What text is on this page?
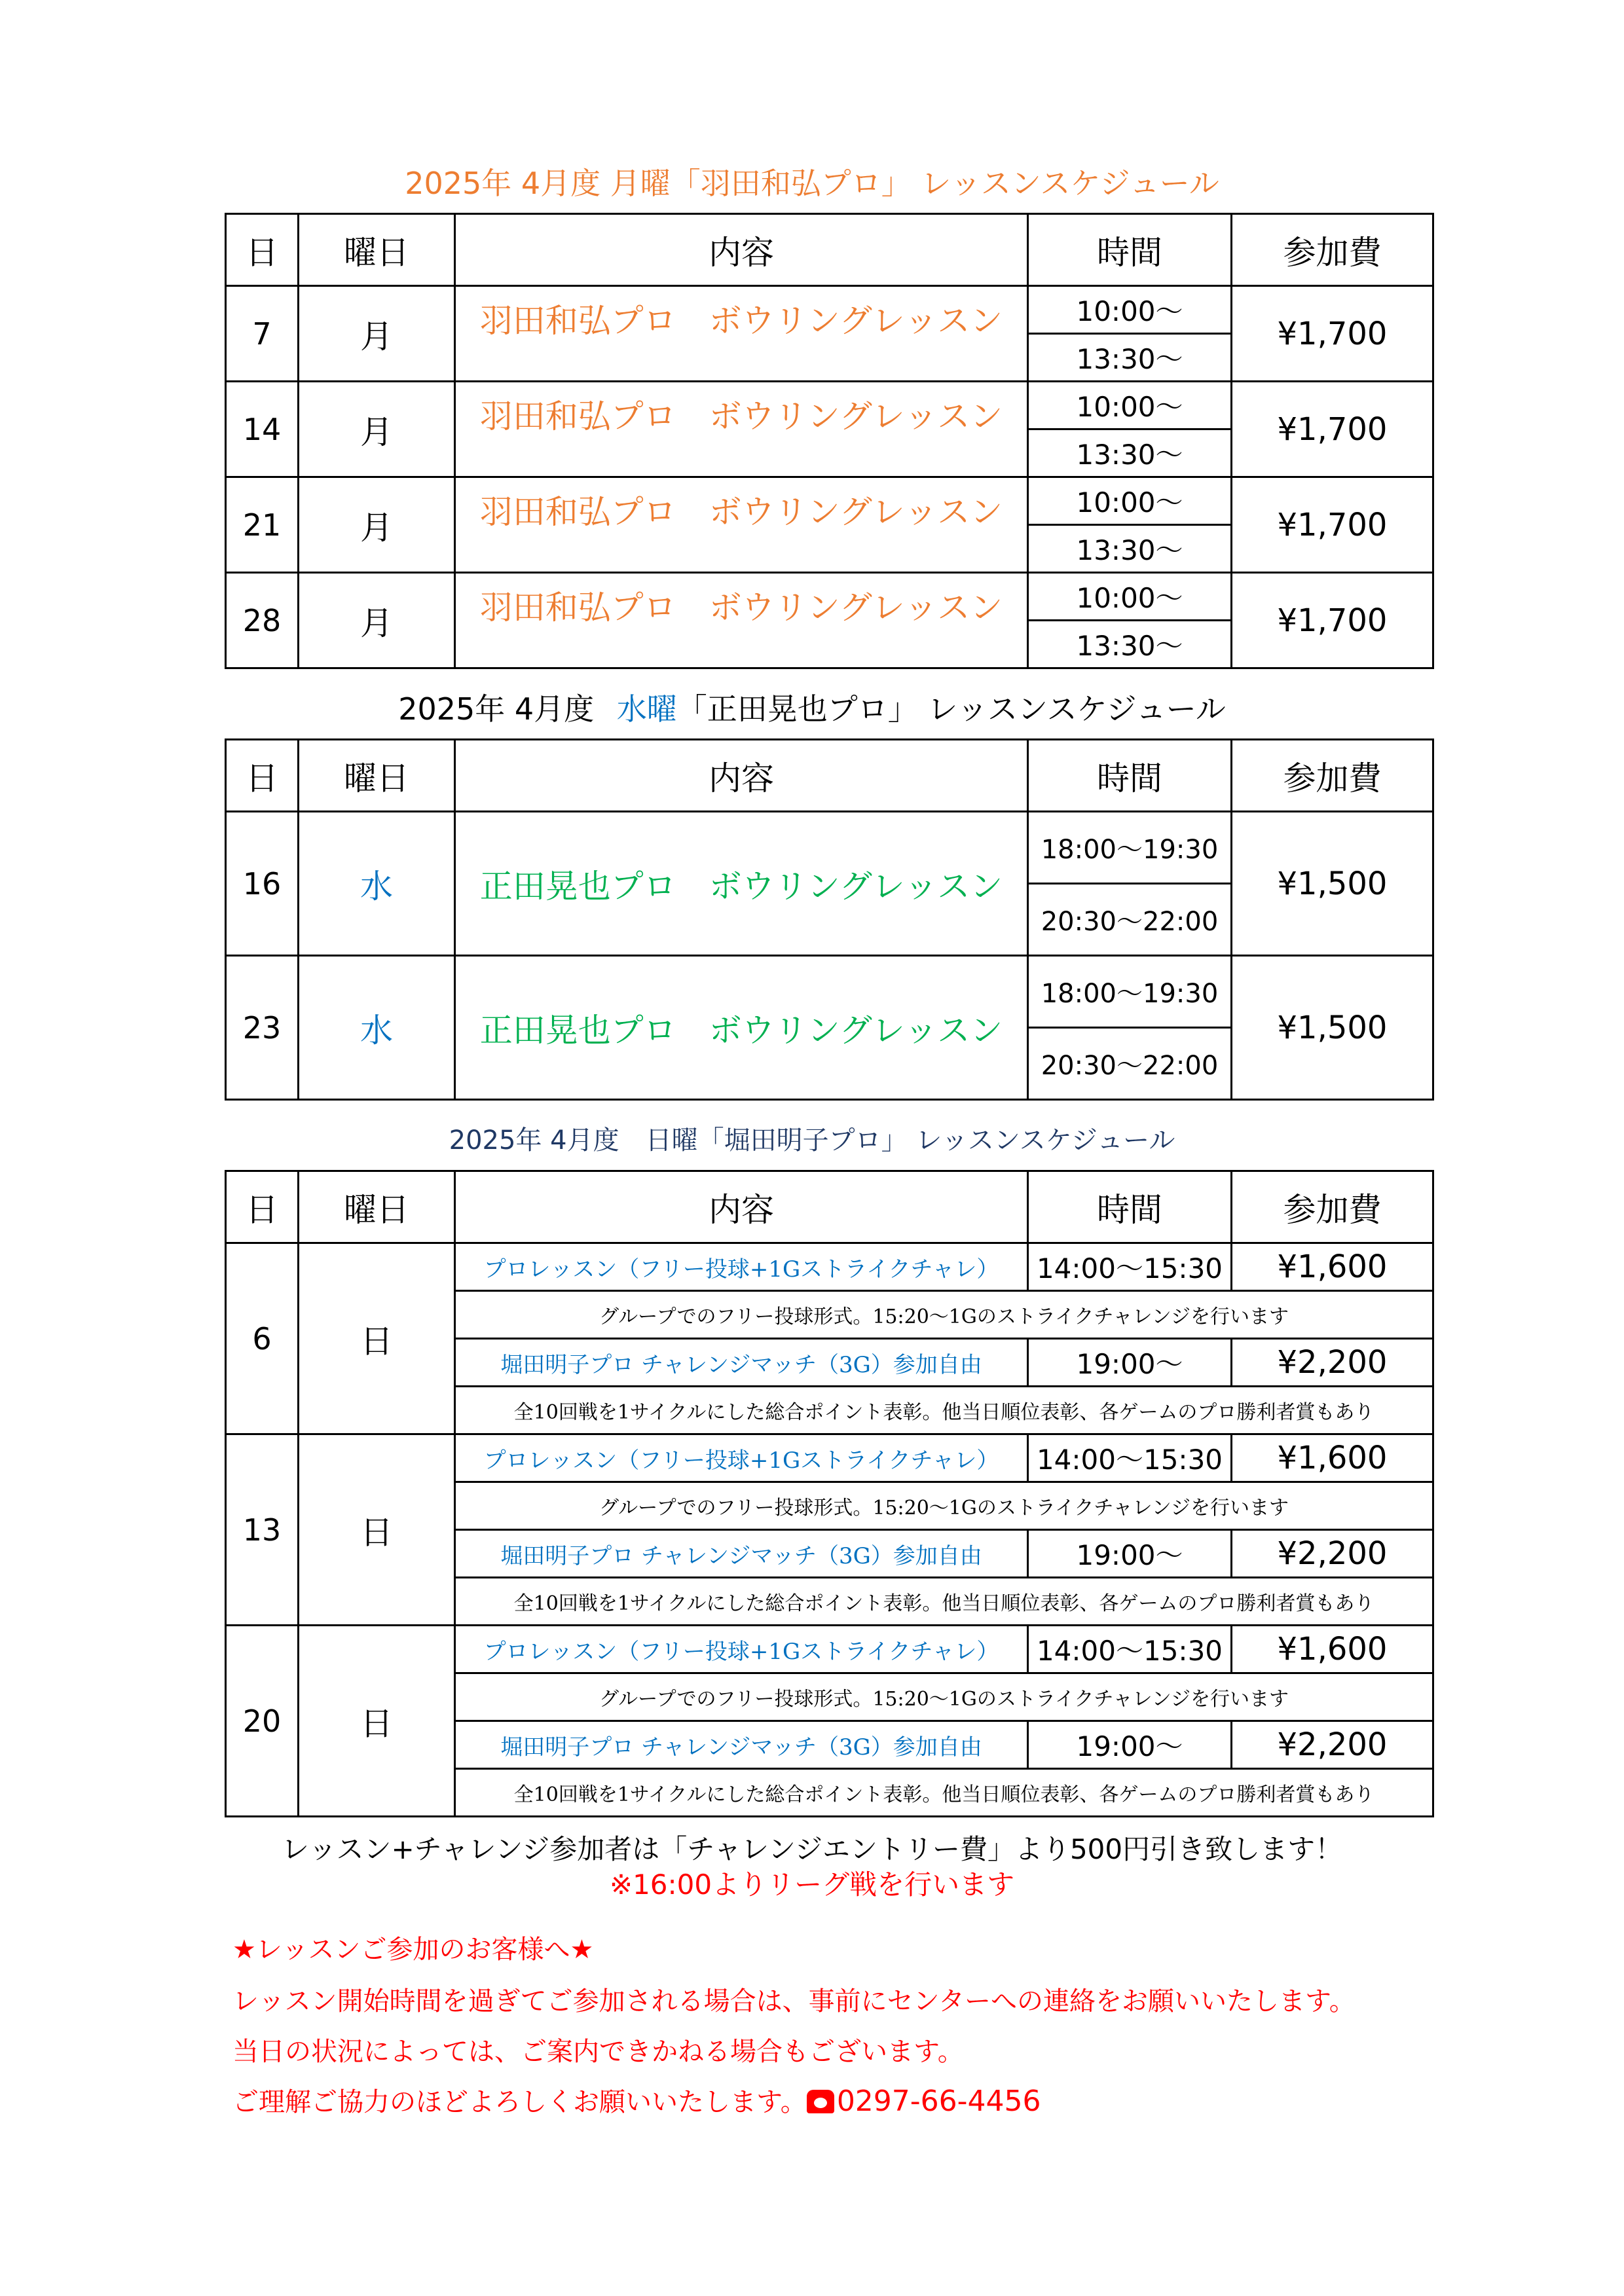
2025年 4月度 月曜「羽田和弘プロ」 レッスンスケジュール
日	曜日	内容	時間	参加費
7	月	羽田和弘プロ　ボウリングレッスン	10:00～	¥1,700
			13:30～	
14	月	羽田和弘プロ　ボウリングレッスン	10:00～	¥1,700
			13:30～	
21	月	羽田和弘プロ　ボウリングレッスン	10:00～	¥1,700
			13:30～	
28	月	羽田和弘プロ　ボウリングレッスン	10:00～	¥1,700
			13:30～	
2025年 4月度 水曜「正田晃也プロ」 レッスンスケジュール
日	曜日	内容	時間	参加費
16	水	正田晃也プロ　ボウリングレッスン	18:00～19:30	¥1,500
			20:30～22:00	
23	水	正田晃也プロ　ボウリングレッスン	18:00～19:30	¥1,500
			20:30～22:00	
2025年 4月度　日曜「堀田明子プロ」 レッスンスケジュール
日	曜日	内容	時間	参加費
6	日	プロレッスン（フリー投球+1Gストライクチャレ）	14:00～15:30	¥1,600
		グループでのフリー投球形式。15:20～1Gのストライクチャレンジを行います		
		堀田明子プロ チャレンジマッチ（3G）参加自由	19:00～	¥2,200
		全10回戦を1サイクルにした総合ポイント表彰。他当日順位表彰、各ゲームのプロ勝利者賞もあり		
13	日	プロレッスン（フリー投球+1Gストライクチャレ）	14:00～15:30	¥1,600
		グループでのフリー投球形式。15:20～1Gのストライクチャレンジを行います		
		堀田明子プロ チャレンジマッチ（3G）参加自由	19:00～	¥2,200
		全10回戦を1サイクルにした総合ポイント表彰。他当日順位表彰、各ゲームのプロ勝利者賞もあり		
20	日	プロレッスン（フリー投球+1Gストライクチャレ）	14:00～15:30	¥1,600
		グループでのフリー投球形式。15:20～1Gのストライクチャレンジを行います		
		堀田明子プロ チャレンジマッチ（3G）参加自由	19:00～	¥2,200
		全10回戦を1サイクルにした総合ポイント表彰。他当日順位表彰、各ゲームのプロ勝利者賞もあり		
レッスン+チャレンジ参加者は「チャレンジエントリー費」より500円引き致します！
※16:00よりリーグ戦を行います
★レッスンご参加のお客様へ★
レッスン開始時間を過ぎてご参加される場合は、事前にセンターへの連絡をお願いいたします。
当日の状況によっては、ご案内できかねる場合もございます。
ご理解ご協力のほどよろしくお願いいたします。 0297-66-4456
